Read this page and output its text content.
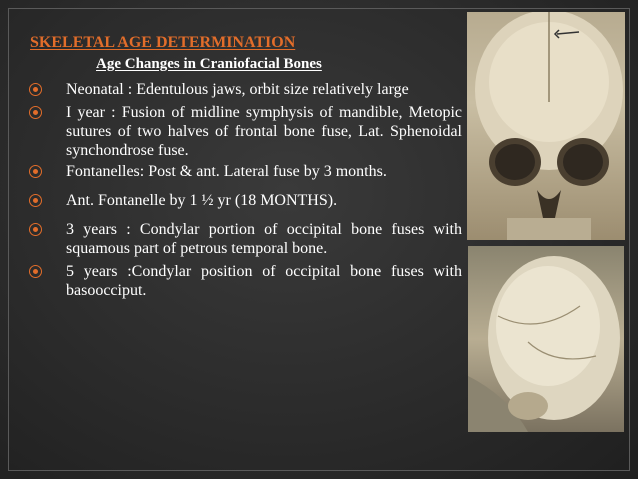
SKELETAL AGE DETERMINATION
Age Changes in Craniofacial Bones
Neonatal : Edentulous jaws, orbit size relatively large
I year : Fusion of midline symphysis of mandible, Metopic sutures of two halves of frontal bone fuse, Lat. Sphenoidal synchondrose fuse.
Fontanelles: Post & ant. Lateral fuse by 3 months.
Ant. Fontanelle by 1 ½ yr (18 MONTHS).
3 years : Condylar portion of occipital bone fuses with squamous part of petrous temporal bone.
5 years :Condylar position of occipital bone fuses with basoocciput.
